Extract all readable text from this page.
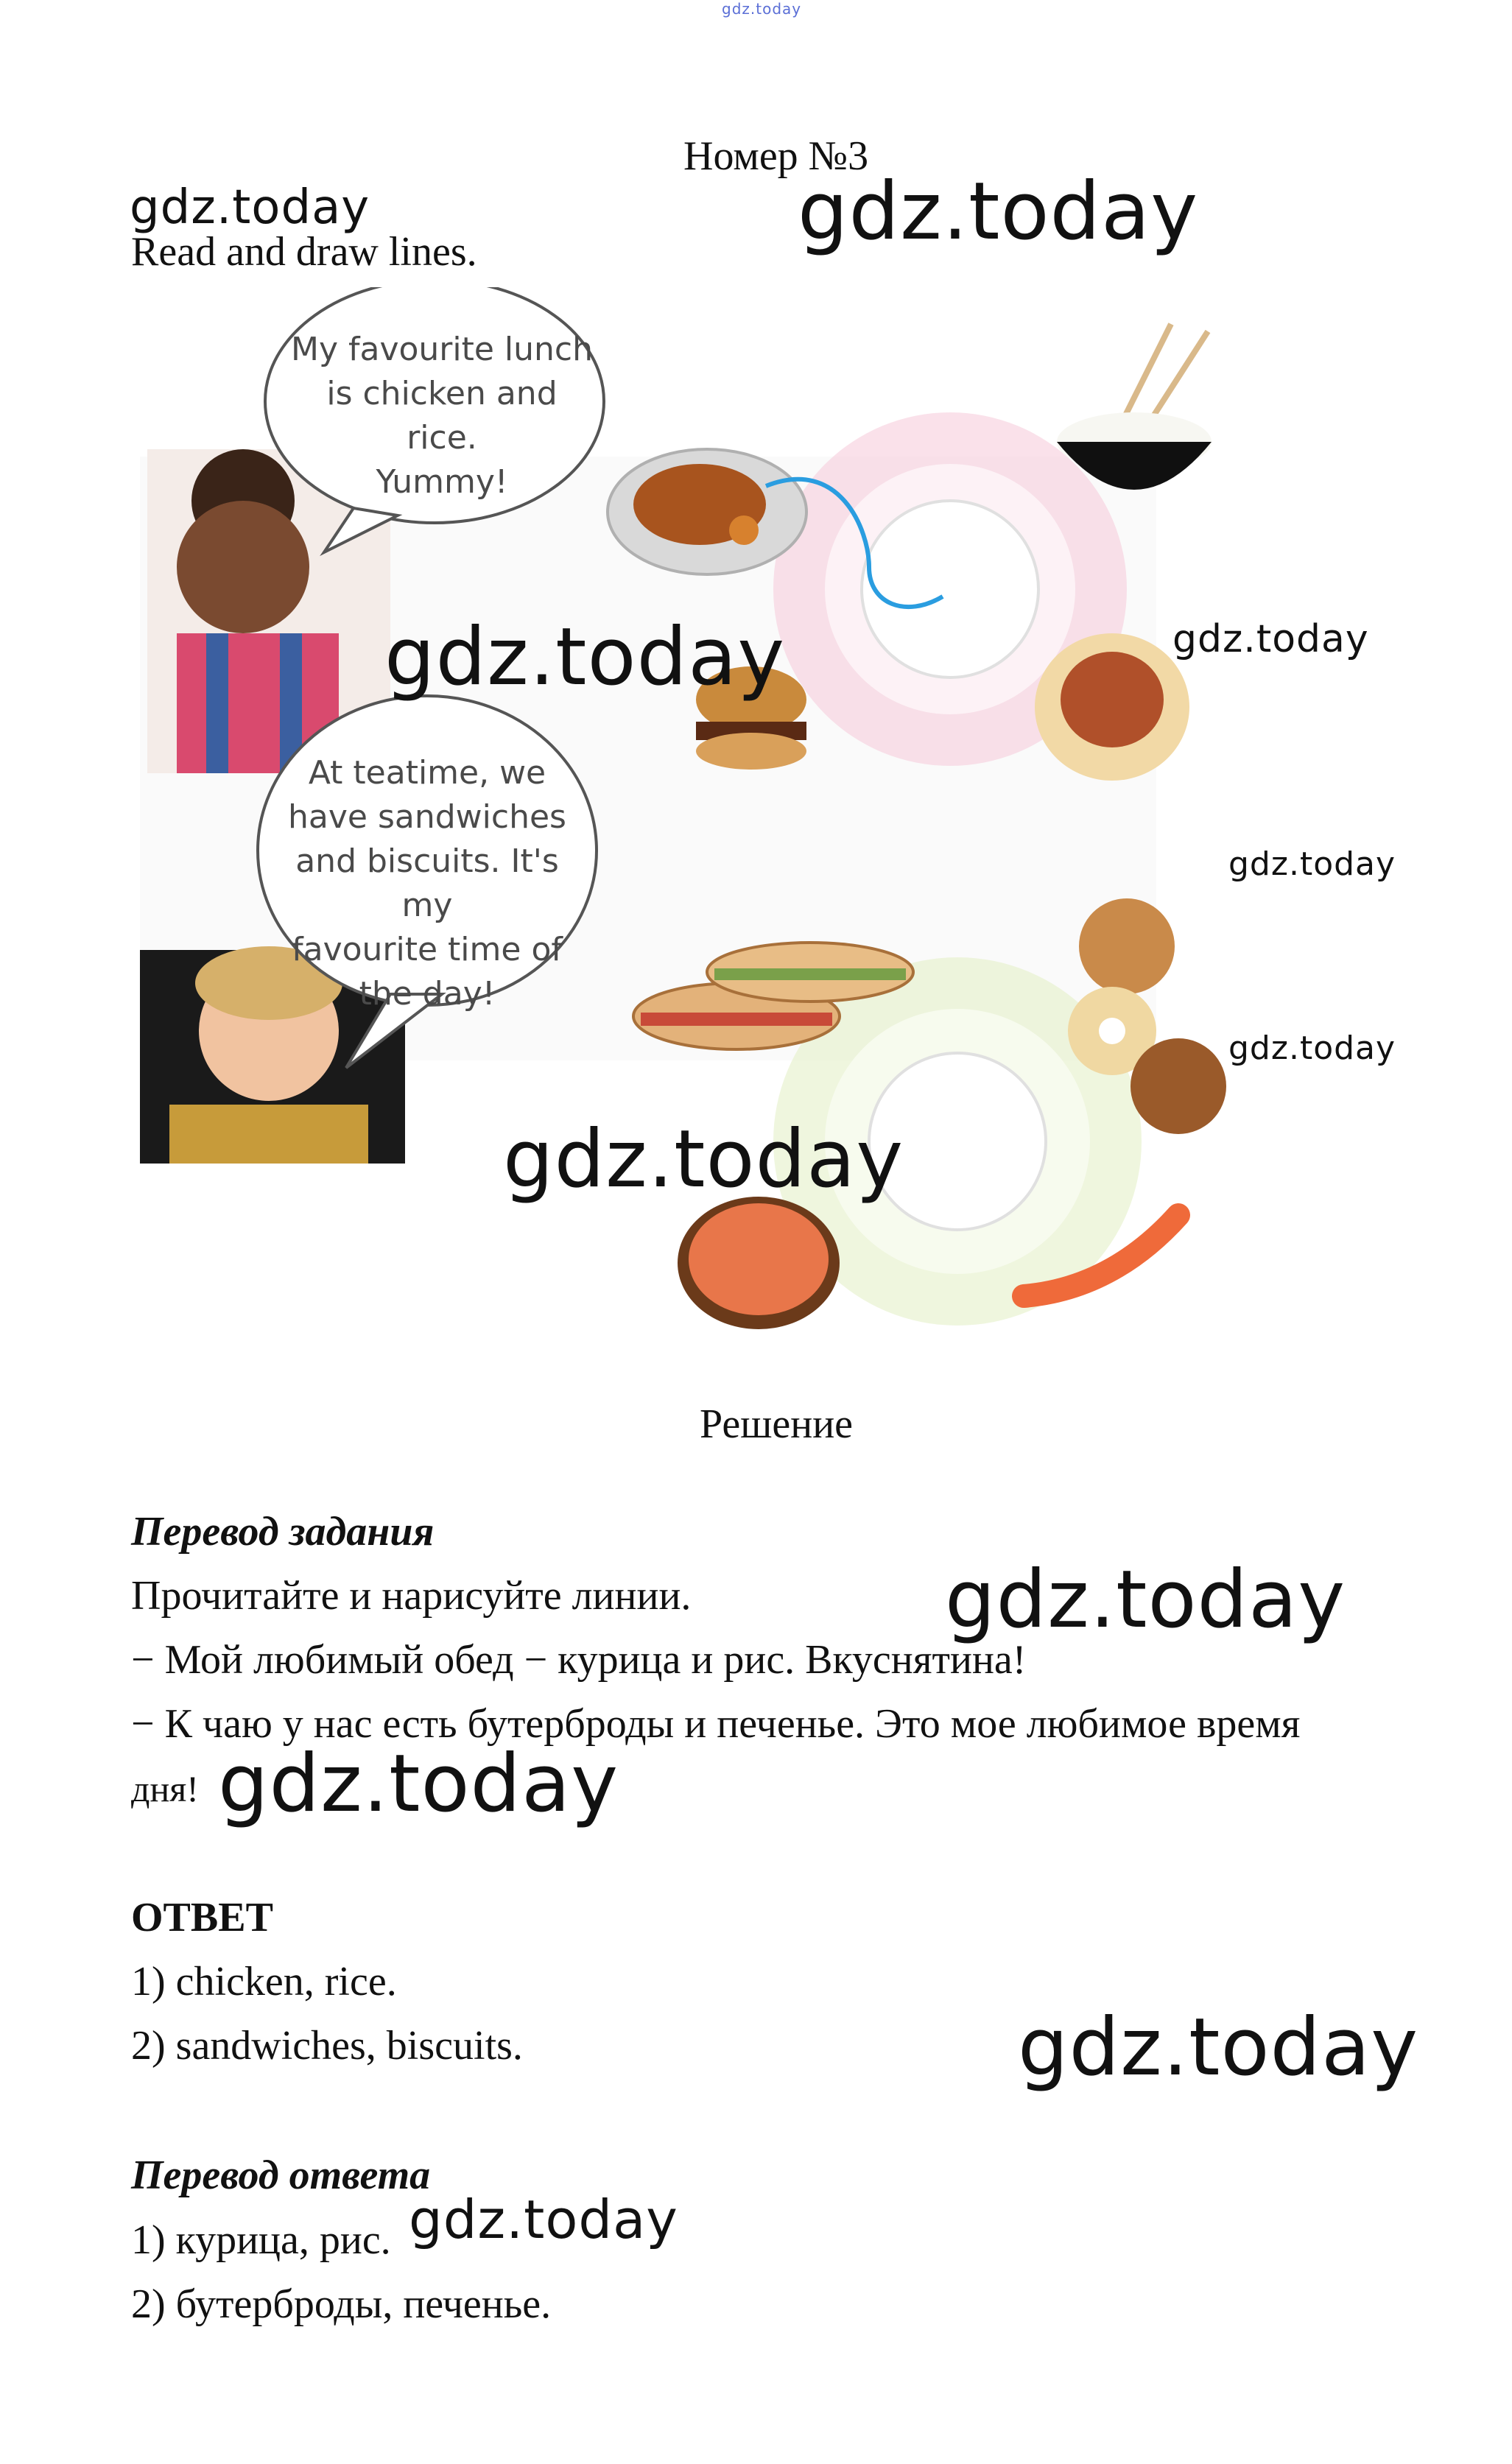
gdz.today
Номер №3
Read and draw lines.
gdz.today	gdz.today
My favourite lunch
is chicken and rice.
Yummy!
At teatime, we
have sandwiches
and biscuits. It's my
favourite time of
the day!
gdz.today	gdz.today
gdz.today
gdz.today
gdz.today
Решение
Перевод задания
Прочитайте и нарисуйте линии.
− Мой любимый обед − курица и рис. Вкуснятина!
− К чаю у нас есть бутерброды и печенье. Это мое любимое время
дня!
gdz.today
gdz.today
ОТВЕТ
1) chicken, rice.
2) sandwiches, biscuits.	gdz.today
Перевод ответа
1) курица, рис.
2) бутерброды, печенье.
gdz.today
